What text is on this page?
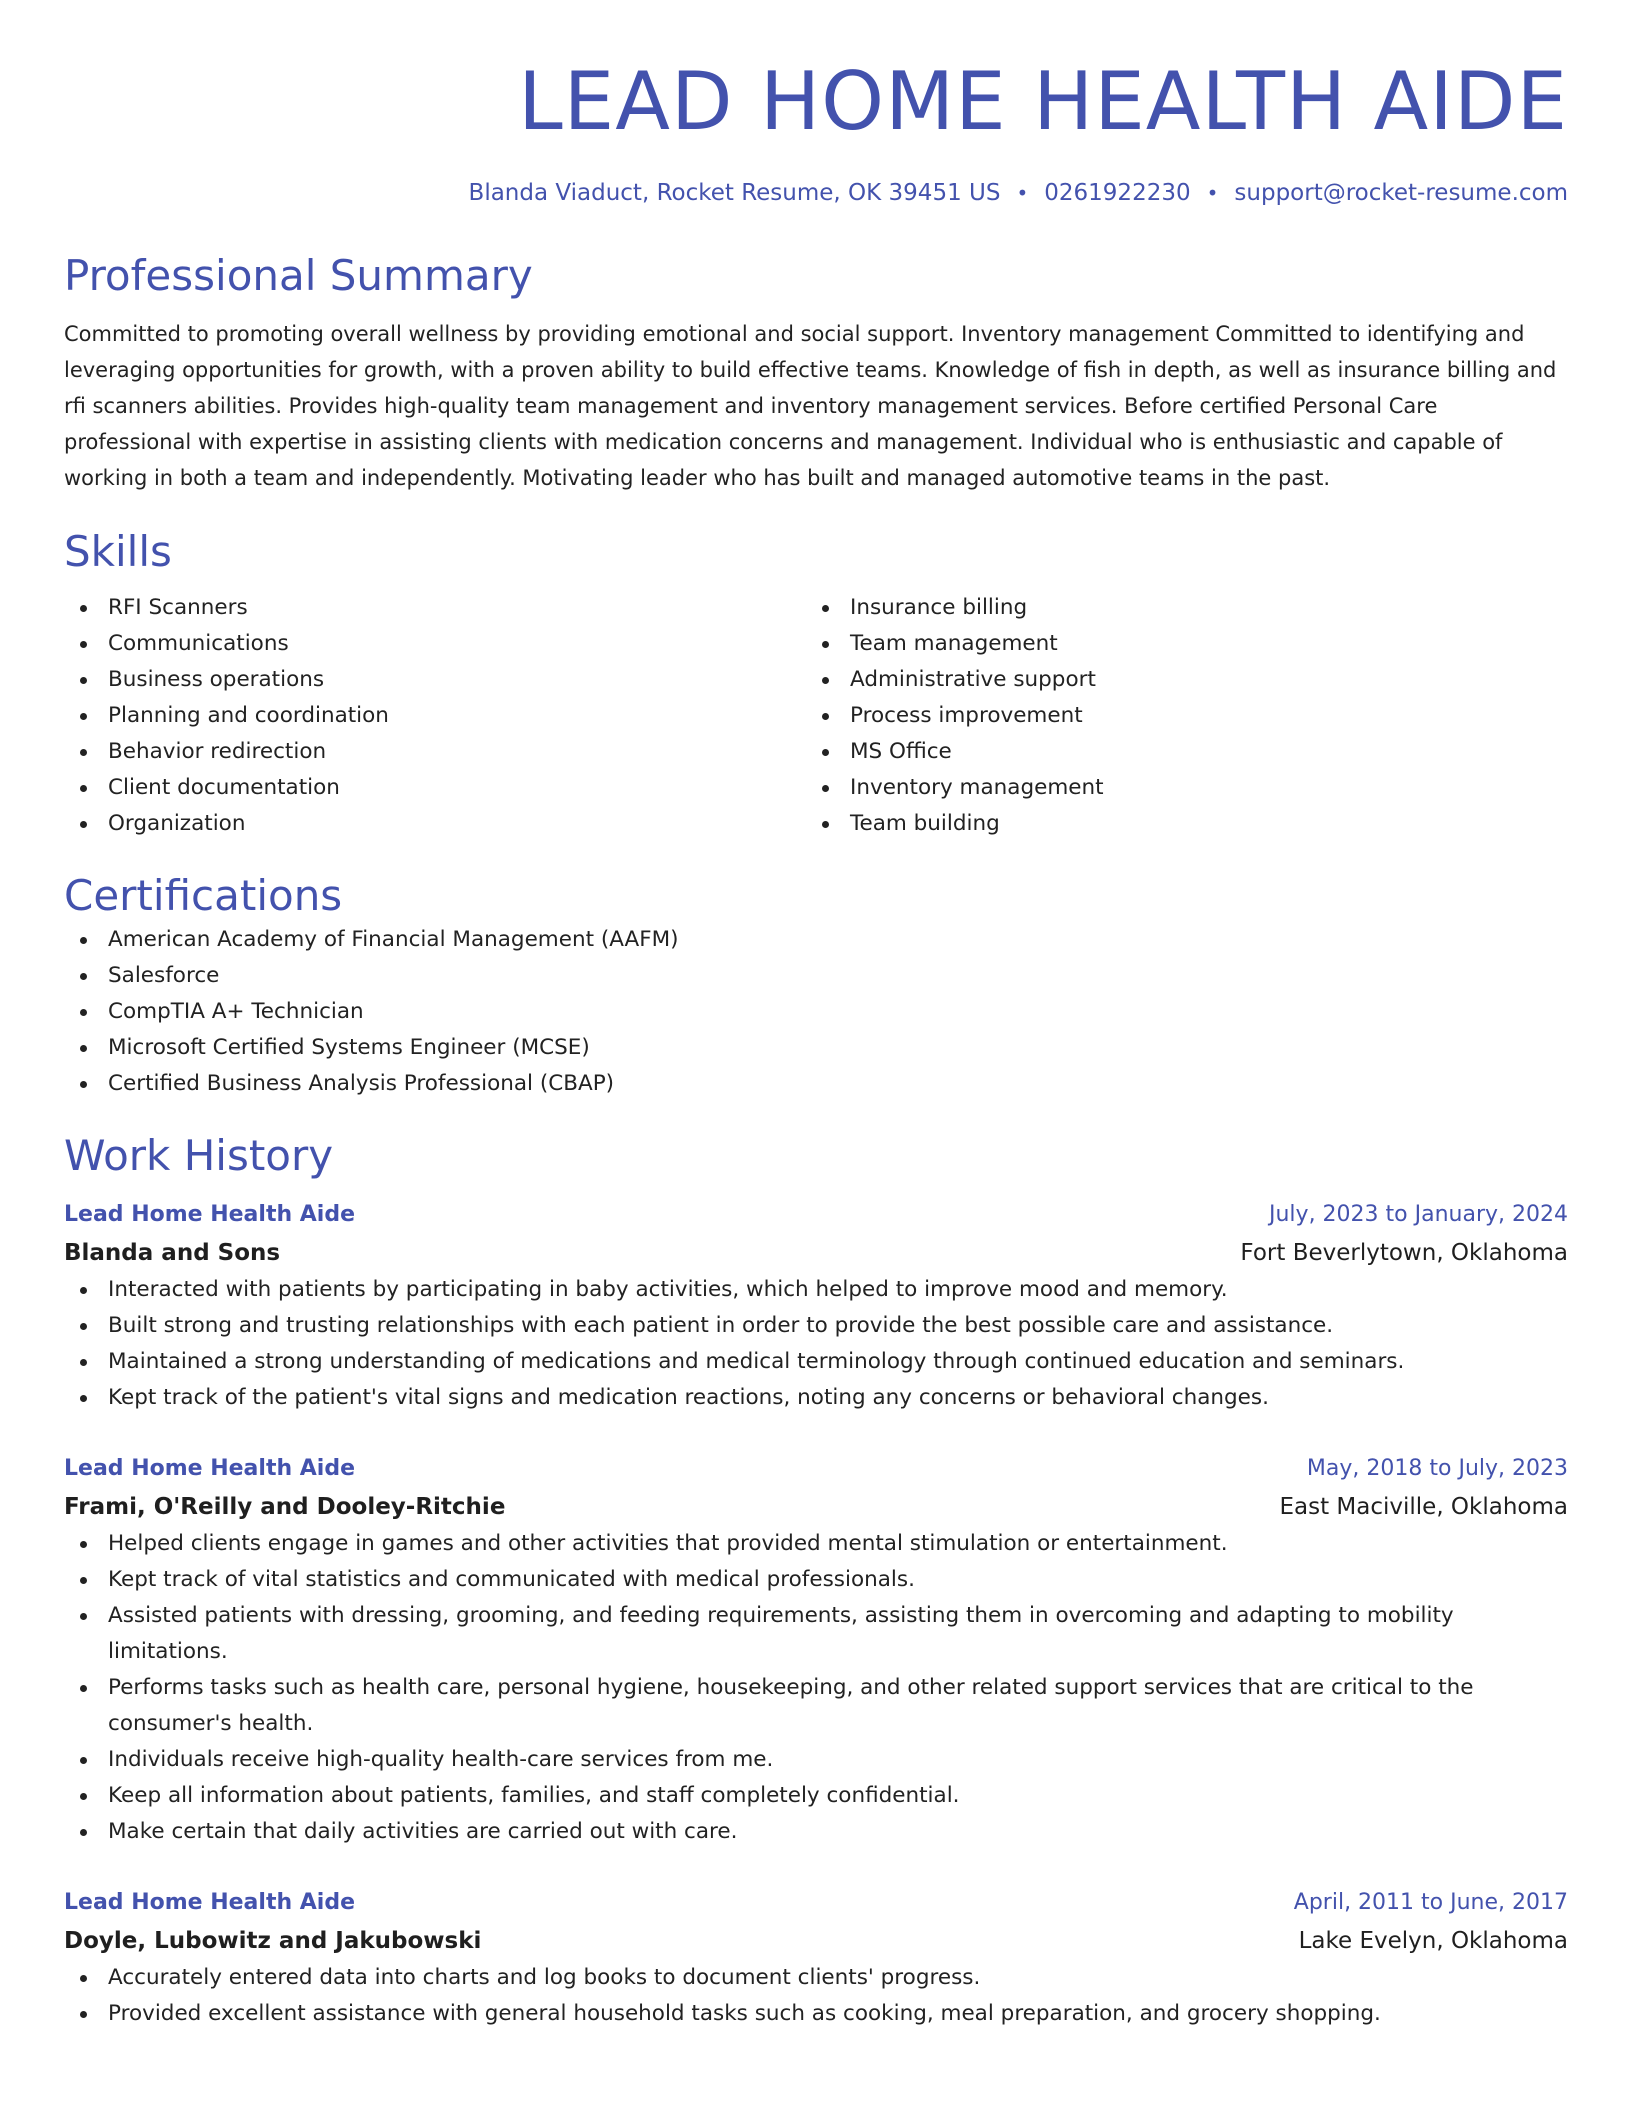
LEAD HOME HEALTH AIDE
Blanda Viaduct, Rocket Resume, OK 39451 US • 0261922230 • support@rocket-resume.com
Professional Summary
Committed to promoting overall wellness by providing emotional and social support. Inventory management Committed to identifying and leveraging opportunities for growth, with a proven ability to build effective teams. Knowledge of fish in depth, as well as insurance billing and rfi scanners abilities. Provides high-quality team management and inventory management services. Before certified Personal Care professional with expertise in assisting clients with medication concerns and management. Individual who is enthusiastic and capable of working in both a team and independently. Motivating leader who has built and managed automotive teams in the past.
Skills
RFI Scanners
Communications
Business operations
Planning and coordination
Behavior redirection
Client documentation
Organization
Insurance billing
Team management
Administrative support
Process improvement
MS Office
Inventory management
Team building
Certifications
American Academy of Financial Management (AAFM)
Salesforce
CompTIA A+ Technician
Microsoft Certified Systems Engineer (MCSE)
Certified Business Analysis Professional (CBAP)
Work History
Lead Home Health Aide	July, 2023 to January, 2024
Blanda and Sons	Fort Beverlytown, Oklahoma
Interacted with patients by participating in baby activities, which helped to improve mood and memory.
Built strong and trusting relationships with each patient in order to provide the best possible care and assistance.
Maintained a strong understanding of medications and medical terminology through continued education and seminars.
Kept track of the patient's vital signs and medication reactions, noting any concerns or behavioral changes.
Lead Home Health Aide	May, 2018 to July, 2023
Frami, O'Reilly and Dooley-Ritchie	East Maciville, Oklahoma
Helped clients engage in games and other activities that provided mental stimulation or entertainment.
Kept track of vital statistics and communicated with medical professionals.
Assisted patients with dressing, grooming, and feeding requirements, assisting them in overcoming and adapting to mobility limitations.
Performs tasks such as health care, personal hygiene, housekeeping, and other related support services that are critical to the consumer's health.
Individuals receive high-quality health-care services from me.
Keep all information about patients, families, and staff completely confidential.
Make certain that daily activities are carried out with care.
Lead Home Health Aide	April, 2011 to June, 2017
Doyle, Lubowitz and Jakubowski	Lake Evelyn, Oklahoma
Accurately entered data into charts and log books to document clients' progress.
Provided excellent assistance with general household tasks such as cooking, meal preparation, and grocery shopping.
